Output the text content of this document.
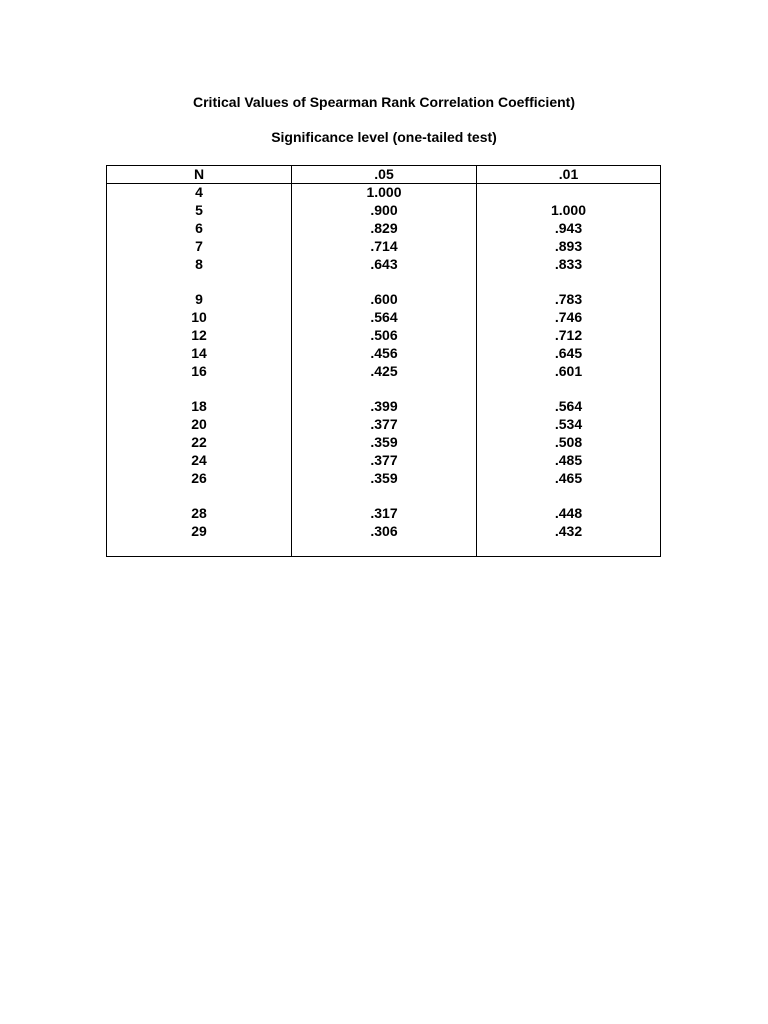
Critical Values of Spearman Rank Correlation Coefficient)
Significance level (one-tailed test)
N	.05	.01
4	1.000
5	.900	1.000
6	.829	.943
7	.714	.893
8	.643	.833
9	.600	.783
10	.564	.746
12	.506	.712
14	.456	.645
16	.425	.601
18	.399	.564
20	.377	.534
22	.359	.508
24	.377	.485
26	.359	.465
28	.317	.448
29	.306	.432
